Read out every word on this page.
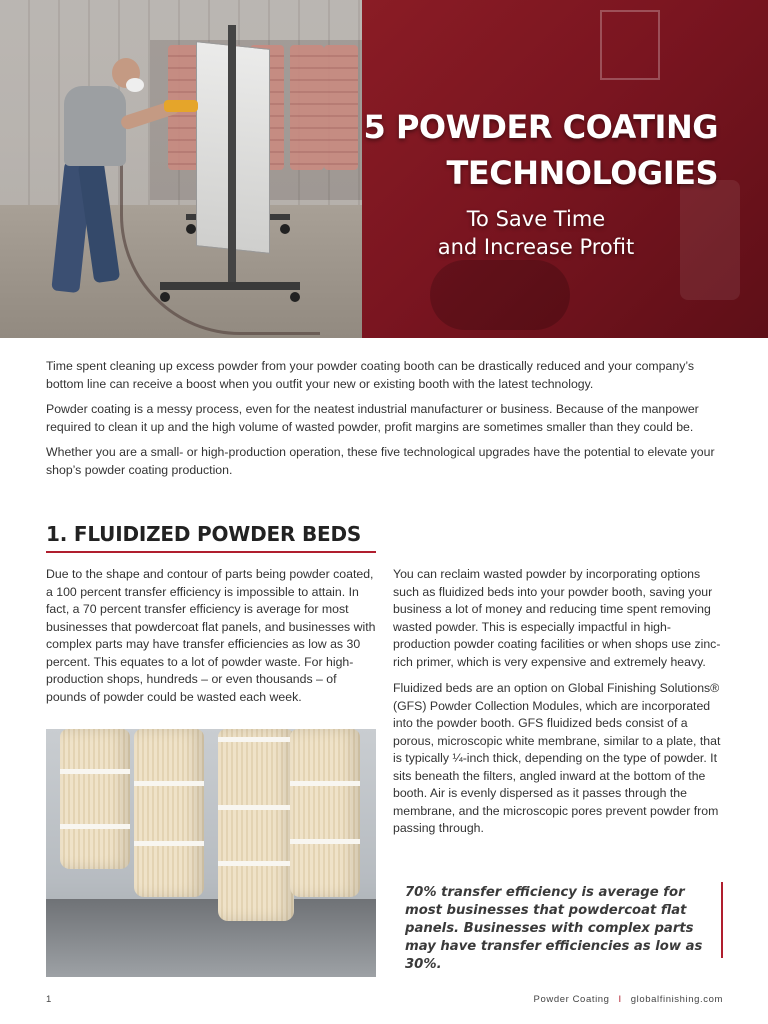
5 POWDER COATING
TECHNOLOGIES
To Save Time
and Increase Profit

Time spent cleaning up excess powder from your powder coating booth can be drastically reduced and your company’s bottom line can receive a boost when you outfit your new or existing booth with the latest technology.

Powder coating is a messy process, even for the neatest industrial manufacturer or business. Because of the manpower required to clean it up and the high volume of wasted powder, profit margins are sometimes smaller than they could be.

Whether you are a small- or high-production operation, these five technological upgrades have the potential to elevate your shop’s powder coating production.

1. FLUIDIZED POWDER BEDS

Due to the shape and contour of parts being powder coated, a 100 percent transfer efficiency is impossible to attain. In fact, a 70 percent transfer efficiency is average for most businesses that powdercoat flat panels, and businesses with complex parts may have transfer efficiencies as low as 30 percent. This equates to a lot of powder waste. For high-production shops, hundreds – or even thousands – of pounds of powder could be wasted each week.

You can reclaim wasted powder by incorporating options such as fluidized beds into your powder booth, saving your business a lot of money and reducing time spent removing wasted powder. This is especially impactful in high-production powder coating facilities or when shops use zinc-rich primer, which is very expensive and extremely heavy.

Fluidized beds are an option on Global Finishing Solutions® (GFS) Powder Collection Modules, which are incorporated into the powder booth. GFS fluidized beds consist of a porous, microscopic white membrane, similar to a plate, that is typically ¼-inch thick, depending on the type of powder. It sits beneath the filters, angled inward at the bottom of the booth. Air is evenly dispersed as it passes through the membrane, and the microscopic pores prevent powder from passing through.

70% transfer efficiency is average for most businesses that powdercoat flat panels. Businesses with complex parts may have transfer efficiencies as low as 30%.

1	Powder Coating I globalfinishing.com
